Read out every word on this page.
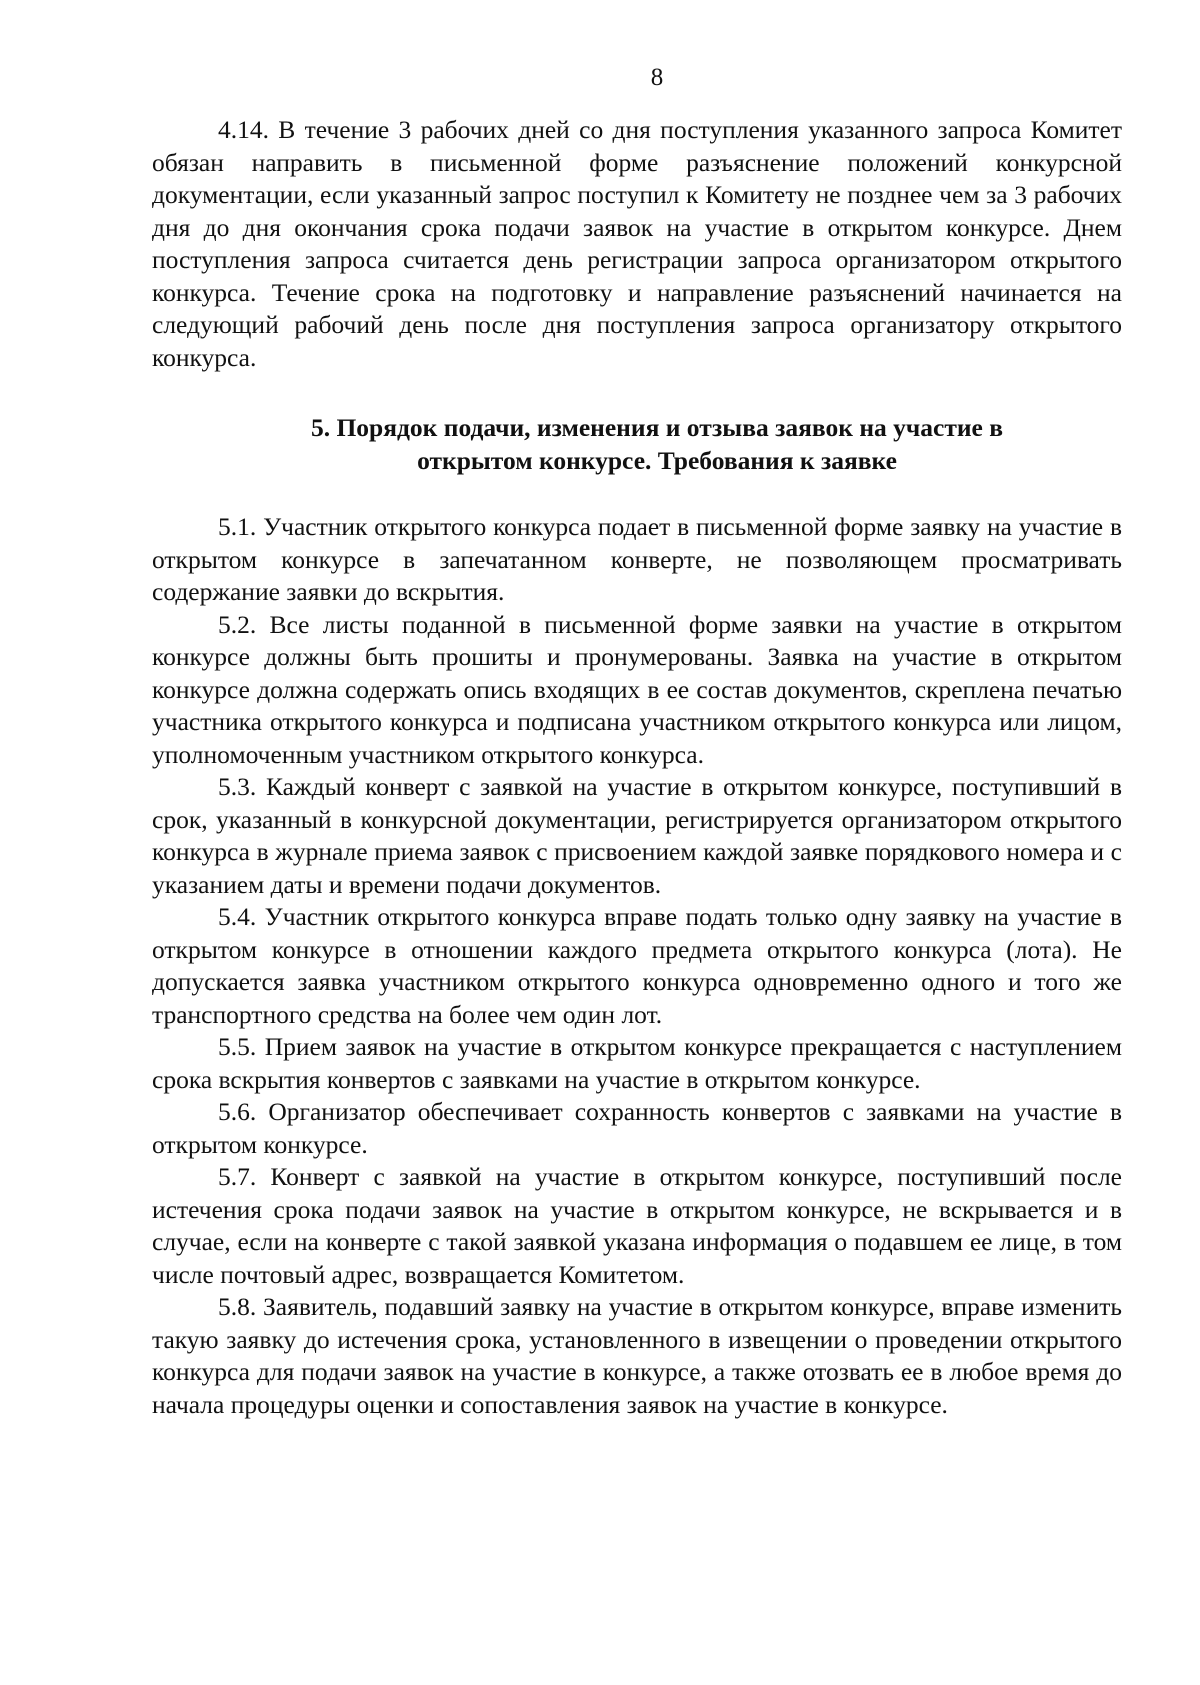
8

4.14. В течение 3 рабочих дней со дня поступления указанного запроса Комитет обязан направить в письменной форме разъяснение положений конкурсной документации, если указанный запрос поступил к Комитету не позднее чем за 3 рабочих дня до дня окончания срока подачи заявок на участие в открытом конкурсе. Днем поступления запроса считается день регистрации запроса организатором открытого конкурса. Течение срока на подготовку и направление разъяснений начинается на следующий рабочий день после дня поступления запроса организатору открытого конкурса.

5. Порядок подачи, изменения и отзыва заявок на участие в
открытом конкурсе. Требования к заявке

5.1. Участник открытого конкурса подает в письменной форме заявку на участие в открытом конкурсе в запечатанном конверте, не позволяющем просматривать содержание заявки до вскрытия.

5.2. Все листы поданной в письменной форме заявки на участие в открытом конкурсе должны быть прошиты и пронумерованы. Заявка на участие в открытом конкурсе должна содержать опись входящих в ее состав документов, скреплена печатью участника открытого конкурса и подписана участником открытого конкурса или лицом, уполномоченным участником открытого конкурса.

5.3. Каждый конверт с заявкой на участие в открытом конкурсе, поступивший в срок, указанный в конкурсной документации, регистрируется организатором открытого конкурса в журнале приема заявок с присвоением каждой заявке порядкового номера и с указанием даты и времени подачи документов.

5.4. Участник открытого конкурса вправе подать только одну заявку на участие в открытом конкурсе в отношении каждого предмета открытого конкурса (лота). Не допускается заявка участником открытого конкурса одновременно одного и того же транспортного средства на более чем один лот.

5.5. Прием заявок на участие в открытом конкурсе прекращается с наступлением срока вскрытия конвертов с заявками на участие в открытом конкурсе.

5.6. Организатор обеспечивает сохранность конвертов с заявками на участие в открытом конкурсе.

5.7. Конверт с заявкой на участие в открытом конкурсе, поступивший после истечения срока подачи заявок на участие в открытом конкурсе, не вскрывается и в случае, если на конверте с такой заявкой указана информация о подавшем ее лице, в том числе почтовый адрес, возвращается Комитетом.

5.8. Заявитель, подавший заявку на участие в открытом конкурсе, вправе изменить такую заявку до истечения срока, установленного в извещении о проведении открытого конкурса для подачи заявок на участие в конкурсе, а также отозвать ее в любое время до начала процедуры оценки и сопоставления заявок на участие в конкурсе.
